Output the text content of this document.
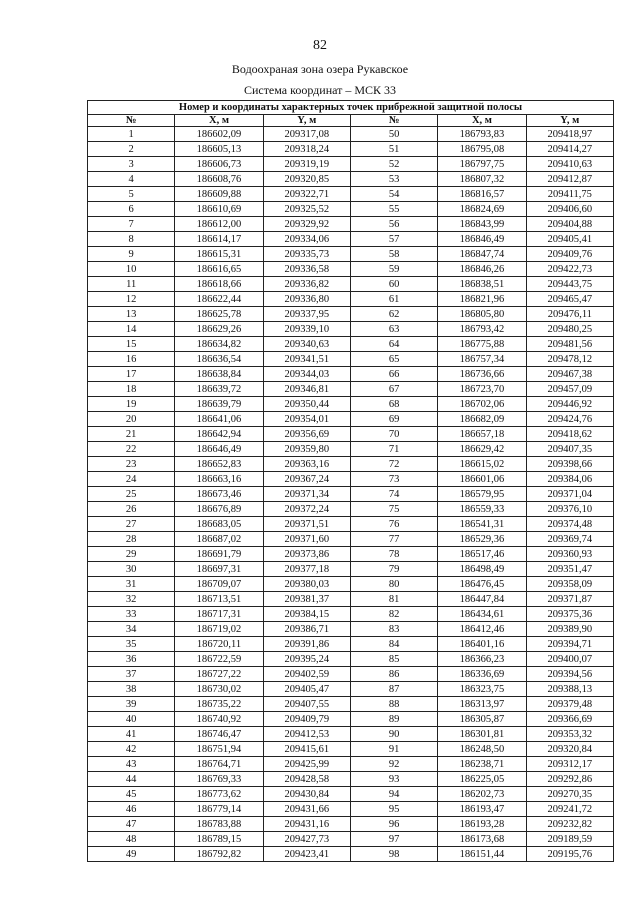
82
Водоохраная зона озера Рукавское
Система координат – МСК 33
Номер и координаты характерных точек прибрежной защитной полосы					
№	X, м	Y, м	№	X, м	Y, м
1	186602,09	209317,08	50	186793,83	209418,97
2	186605,13	209318,24	51	186795,08	209414,27
3	186606,73	209319,19	52	186797,75	209410,63
4	186608,76	209320,85	53	186807,32	209412,87
5	186609,88	209322,71	54	186816,57	209411,75
6	186610,69	209325,52	55	186824,69	209406,60
7	186612,00	209329,92	56	186843,99	209404,88
8	186614,17	209334,06	57	186846,49	209405,41
9	186615,31	209335,73	58	186847,74	209409,76
10	186616,65	209336,58	59	186846,26	209422,73
11	186618,66	209336,82	60	186838,51	209443,75
12	186622,44	209336,80	61	186821,96	209465,47
13	186625,78	209337,95	62	186805,80	209476,11
14	186629,26	209339,10	63	186793,42	209480,25
15	186634,82	209340,63	64	186775,88	209481,56
16	186636,54	209341,51	65	186757,34	209478,12
17	186638,84	209344,03	66	186736,66	209467,38
18	186639,72	209346,81	67	186723,70	209457,09
19	186639,79	209350,44	68	186702,06	209446,92
20	186641,06	209354,01	69	186682,09	209424,76
21	186642,94	209356,69	70	186657,18	209418,62
22	186646,49	209359,80	71	186629,42	209407,35
23	186652,83	209363,16	72	186615,02	209398,66
24	186663,16	209367,24	73	186601,06	209384,06
25	186673,46	209371,34	74	186579,95	209371,04
26	186676,89	209372,24	75	186559,33	209376,10
27	186683,05	209371,51	76	186541,31	209374,48
28	186687,02	209371,60	77	186529,36	209369,74
29	186691,79	209373,86	78	186517,46	209360,93
30	186697,31	209377,18	79	186498,49	209351,47
31	186709,07	209380,03	80	186476,45	209358,09
32	186713,51	209381,37	81	186447,84	209371,87
33	186717,31	209384,15	82	186434,61	209375,36
34	186719,02	209386,71	83	186412,46	209389,90
35	186720,11	209391,86	84	186401,16	209394,71
36	186722,59	209395,24	85	186366,23	209400,07
37	186727,22	209402,59	86	186336,69	209394,56
38	186730,02	209405,47	87	186323,75	209388,13
39	186735,22	209407,55	88	186313,97	209379,48
40	186740,92	209409,79	89	186305,87	209366,69
41	186746,47	209412,53	90	186301,81	209353,32
42	186751,94	209415,61	91	186248,50	209320,84
43	186764,71	209425,99	92	186238,71	209312,17
44	186769,33	209428,58	93	186225,05	209292,86
45	186773,62	209430,84	94	186202,73	209270,35
46	186779,14	209431,66	95	186193,47	209241,72
47	186783,88	209431,16	96	186193,28	209232,82
48	186789,15	209427,73	97	186173,68	209189,59
49	186792,82	209423,41	98	186151,44	209195,76
